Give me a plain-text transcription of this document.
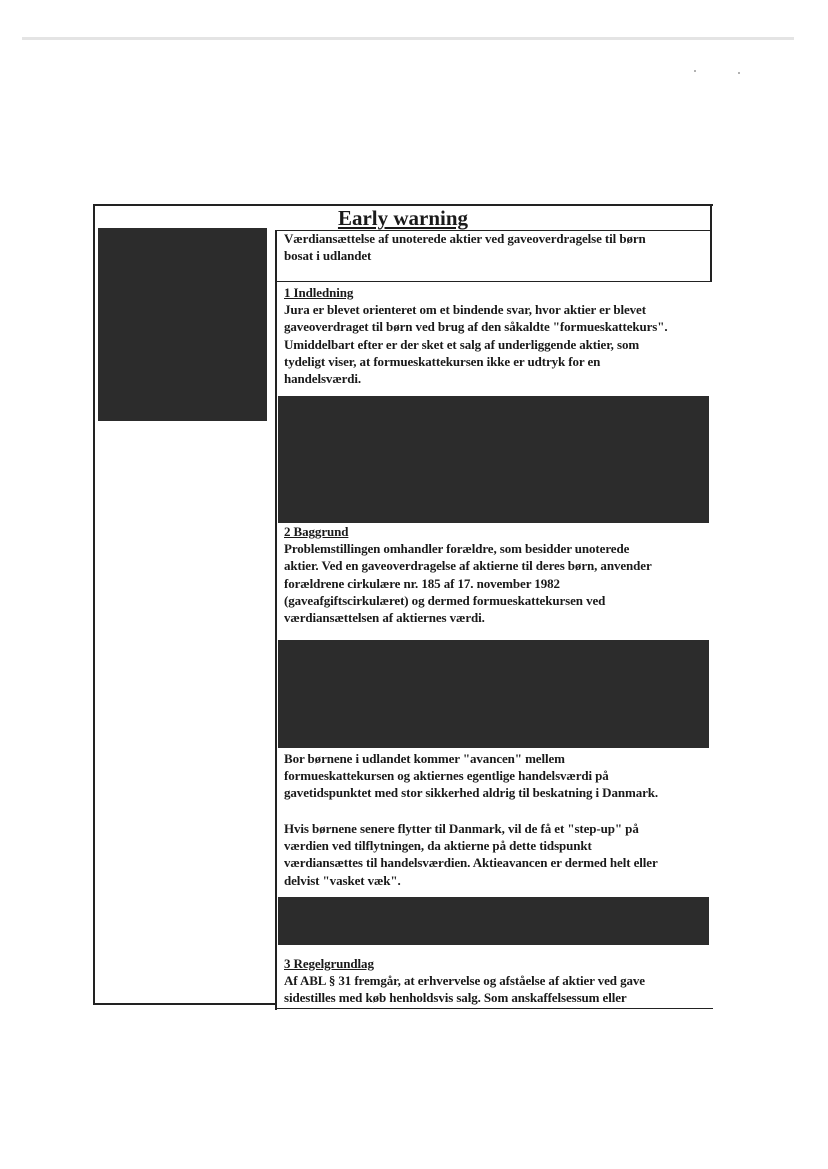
Early warning
Værdiansættelse af unoterede aktier ved gaveoverdragelse til børn
bosat i udlandet
1 Indledning
Jura er blevet orienteret om et bindende svar, hvor aktier er blevet
gaveoverdraget til børn ved brug af den såkaldte "formueskattekurs".
Umiddelbart efter er der sket et salg af underliggende aktier, som
tydeligt viser, at formueskattekursen ikke er udtryk for en
handelsværdi.
2 Baggrund
Problemstillingen omhandler forældre, som besidder unoterede
aktier. Ved en gaveoverdragelse af aktierne til deres børn, anvender
forældrene cirkulære nr. 185 af 17. november 1982
(gaveafgiftscirkulæret) og dermed formueskattekursen ved
værdiansættelsen af aktiernes værdi.
Bor børnene i udlandet kommer "avancen" mellem
formueskattekursen og aktiernes egentlige handelsværdi på
gavetidspunktet med stor sikkerhed aldrig til beskatning i Danmark.
Hvis børnene senere flytter til Danmark, vil de få et "step-up" på
værdien ved tilflytningen, da aktierne på dette tidspunkt
værdiansættes til handelsværdien. Aktieavancen er dermed helt eller
delvist "vasket væk".
3 Regelgrundlag
Af ABL § 31 fremgår, at erhvervelse og afståelse af aktier ved gave
sidestilles med køb henholdsvis salg. Som anskaffelsessum eller
